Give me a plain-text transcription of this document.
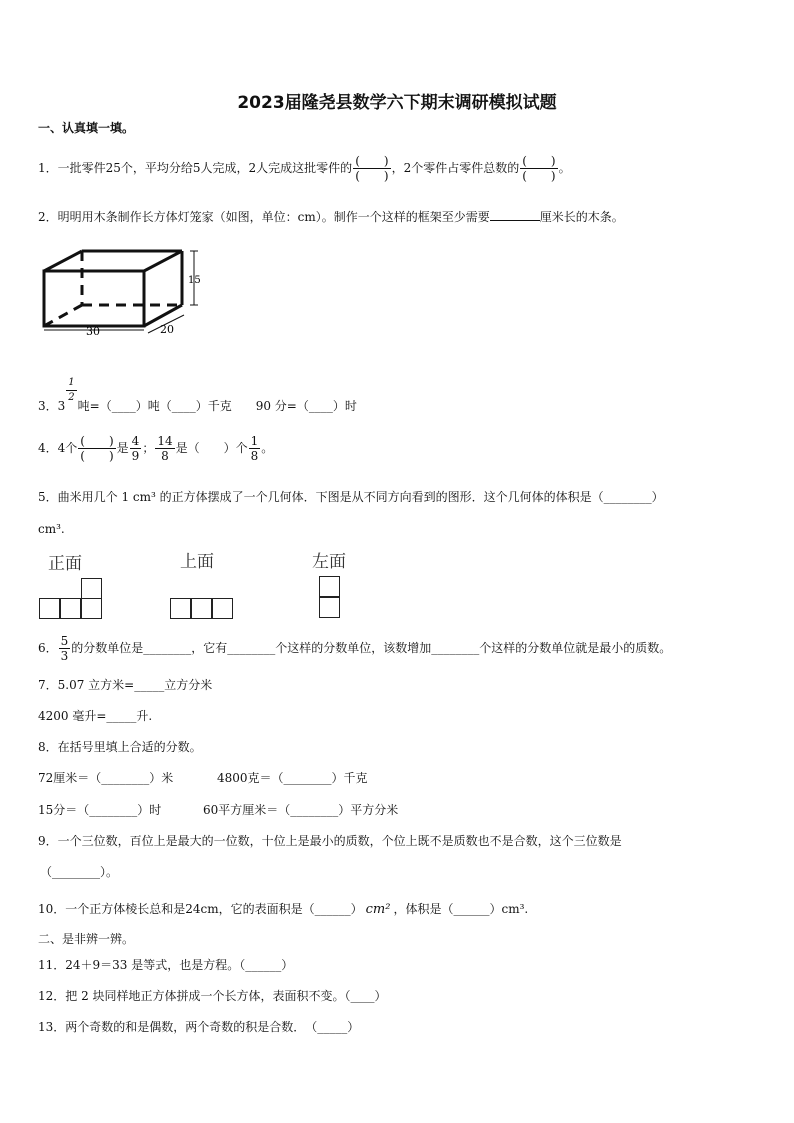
2023届隆尧县数学六下期末调研模拟试题
一、认真填一填。
1．一批零件25个，平均分给5人完成，2人完成这批零件的 $\frac{( )}{( )}$ ，2个零件占零件总数的 $\frac{( )}{( )}$ 。
2．明明用木条制作长方体灯笼家（如图，单位：cm）。制作一个这样的框架至少需要	厘米长的木条。
30	20
15
3．3
$\frac{1}{2}$
吨=（____）吨（____）千克 90 分=（____）时
4．4个 $\frac{( )}{( )}$ 是 $\frac{4}{9}$ ； $\frac{14}{8}$ 是（　　）个 $\frac{1}{8}$ 。
5．曲米用几个 1 cm³ 的正方体摆成了一个几何体．下图是从不同方向看到的图形．这个几何体的体积是（________）
cm³.
正面	上面	左面
6． $\frac{5}{3}$ 的分数单位是________，它有________个这样的分数单位，该数增加________个这样的分数单位就是最小的质数。
7．5.07 立方米=_____立方分米
4200 毫升=_____升.
8．在括号里填上合适的分数。
72厘米＝（________）米	4800克＝（________）千克
15分＝（________）时	60平方厘米＝（________）平方分米
9．一个三位数，百位上是最大的一位数，十位上是最小的质数，个位上既不是质数也不是合数，这个三位数是
（________）。
10．一个正方体棱长总和是24cm，它的表面积是（______） cm² ，体积是（______）cm³.
二、是非辨一辨。
11．24＋9＝33 是等式，也是方程。（______）
12．把 2 块同样地正方体拼成一个长方体，表面积不变。（____）
13．两个奇数的和是偶数，两个奇数的积是合数．　（_____）
